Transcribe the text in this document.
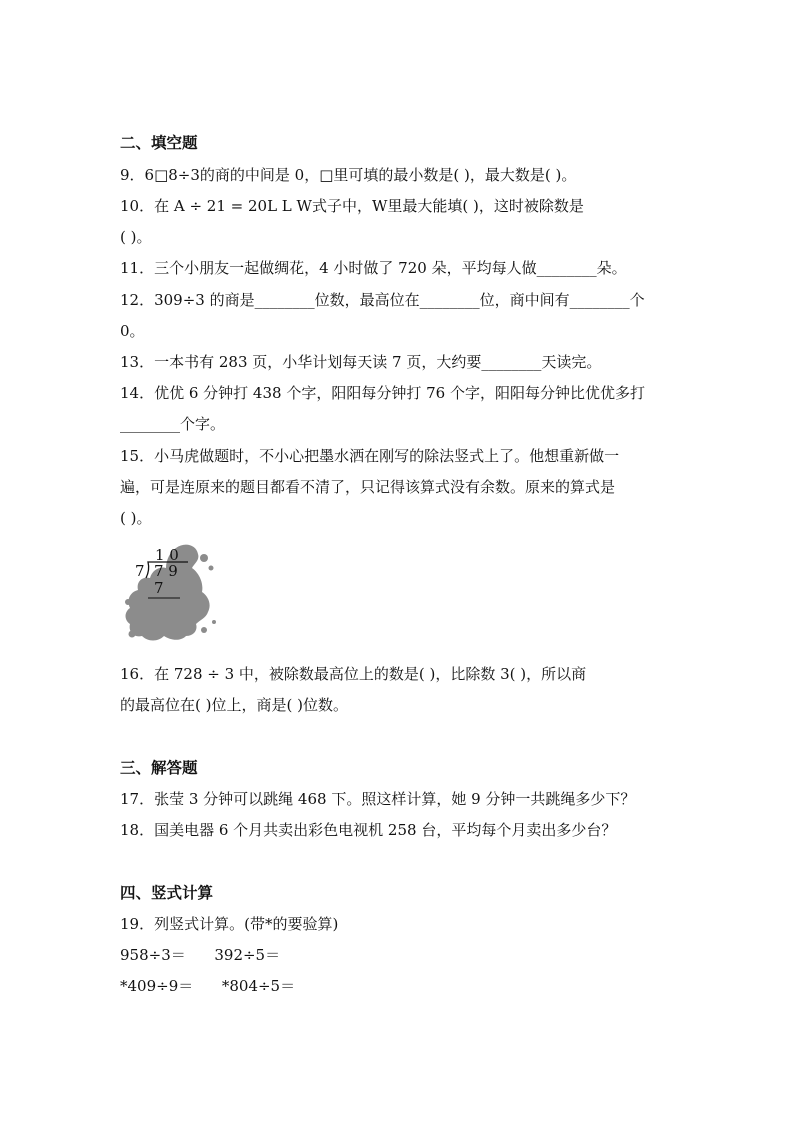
二、填空题
9．6□8÷3的商的中间是 0，□里可填的最小数是( )，最大数是( )。
10．在 A ÷ 21 = 20L L W式子中，W里最大能填( )，这时被除数是
( )。
11．三个小朋友一起做绸花，4 小时做了 720 朵，平均每人做________朵。
12．309÷3 的商是________位数，最高位在________位，商中间有________个
0。
13．一本书有 283 页，小华计划每天读 7 页，大约要________天读完。
14．优优 6 分钟打 438 个字，阳阳每分钟打 76 个字，阳阳每分钟比优优多打
________个字。
15．小马虎做题时，不小心把墨水洒在刚写的除法竖式上了。他想重新做一
遍，可是连原来的题目都看不清了，只记得该算式没有余数。原来的算式是
( )。
1 0
7 7 9
7
16．在 728 ÷ 3 中，被除数最高位上的数是( )，比除数 3( )，所以商
的最高位在( )位上，商是( )位数。
三、解答题
17．张莹 3 分钟可以跳绳 468 下。照这样计算，她 9 分钟一共跳绳多少下？
18．国美电器 6 个月共卖出彩色电视机 258 台，平均每个月卖出多少台？
四、竖式计算
19．列竖式计算。(带*的要验算)
958÷3＝      392÷5＝
*409÷9＝      *804÷5＝
